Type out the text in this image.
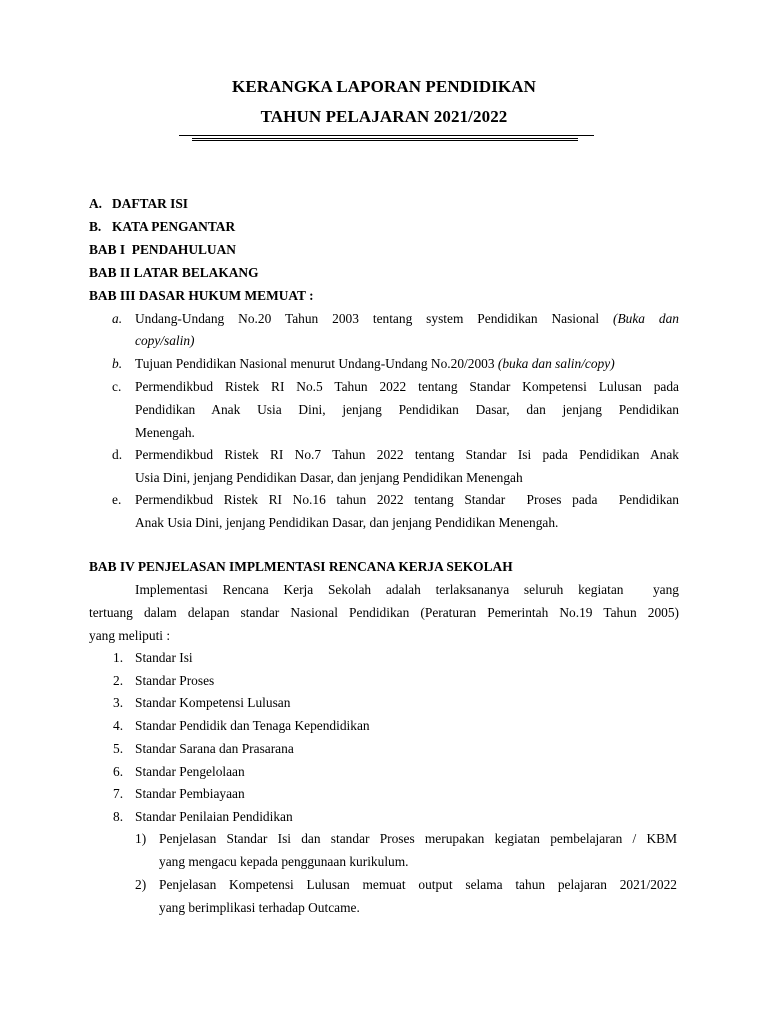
KERANGKA LAPORAN PENDIDIKAN
TAHUN PELAJARAN 2021/2022
A. DAFTAR ISI
B. KATA PENGANTAR
BAB I  PENDAHULUAN
BAB II LATAR BELAKANG
BAB III DASAR HUKUM MEMUAT :
a. Undang-Undang No.20 Tahun 2003 tentang system Pendidikan Nasional (Buka dan
copy/salin)
b. Tujuan Pendidikan Nasional menurut Undang-Undang No.20/2003 (buka dan salin/copy)
c. Permendikbud Ristek RI No.5 Tahun 2022 tentang Standar Kompetensi Lulusan pada
Pendidikan Anak Usia Dini, jenjang Pendidikan Dasar, dan jenjang Pendidikan
Menengah.
d. Permendikbud Ristek RI No.7 Tahun 2022 tentang Standar Isi pada Pendidikan Anak
Usia Dini, jenjang Pendidikan Dasar, dan jenjang Pendidikan Menengah
e. Permendikbud Ristek RI No.16 tahun 2022 tentang Standar  Proses pada  Pendidikan
Anak Usia Dini, jenjang Pendidikan Dasar, dan jenjang Pendidikan Menengah.
BAB IV PENJELASAN IMPLMENTASI RENCANA KERJA SEKOLAH
Implementasi Rencana Kerja Sekolah adalah terlaksananya seluruh kegiatan  yang
tertuang dalam delapan standar Nasional Pendidikan (Peraturan Pemerintah No.19 Tahun 2005)
yang meliputi :
1. Standar Isi
2. Standar Proses
3. Standar Kompetensi Lulusan
4. Standar Pendidik dan Tenaga Kependidikan
5. Standar Sarana dan Prasarana
6. Standar Pengelolaan
7. Standar Pembiayaan
8. Standar Penilaian Pendidikan
1) Penjelasan Standar Isi dan standar Proses merupakan kegiatan pembelajaran / KBM
yang mengacu kepada penggunaan kurikulum.
2) Penjelasan Kompetensi Lulusan memuat output selama tahun pelajaran 2021/2022
yang berimplikasi terhadap Outcame.
